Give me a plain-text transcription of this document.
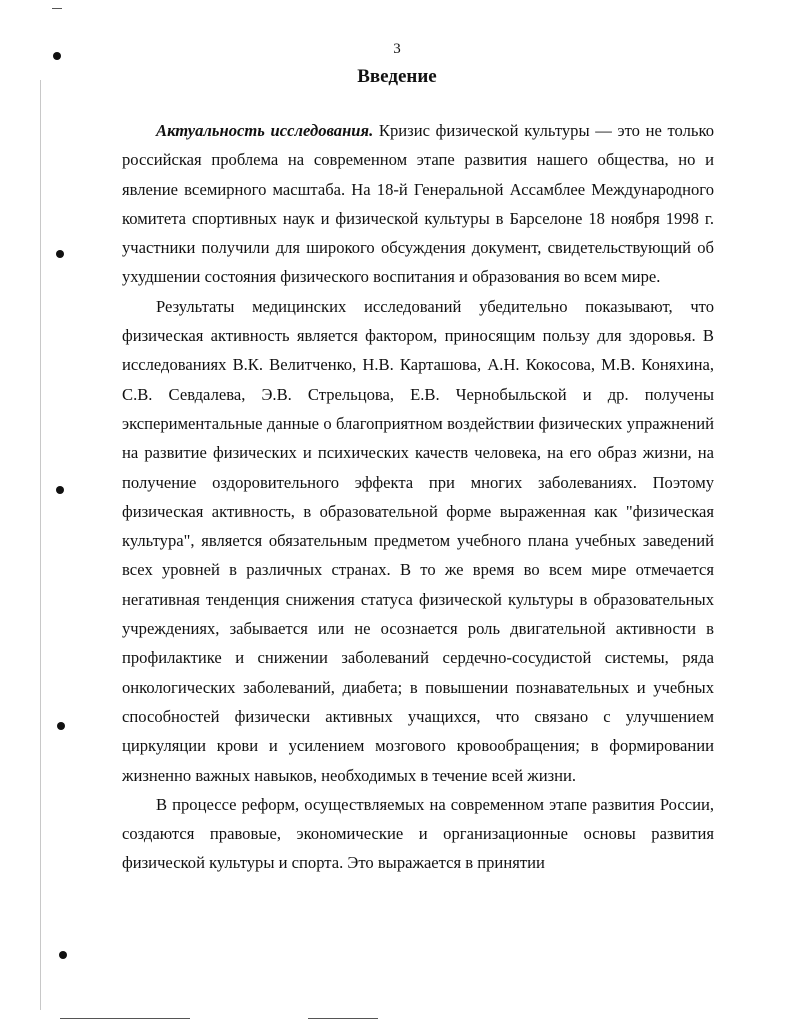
3
Введение

Актуальность исследования. Кризис физической культуры — это не только российская проблема на современном этапе развития нашего общества, но и явление всемирного масштаба. На 18-й Генеральной Ассамблее Международного комитета спортивных наук и физической культуры в Барселоне 18 ноября 1998 г. участники получили для широкого обсуждения документ, свидетельствующий об ухудшении состояния физического воспитания и образования во всем мире.

Результаты медицинских исследований убедительно показывают, что физическая активность является фактором, приносящим пользу для здоровья. В исследованиях В.К. Велитченко, Н.В. Карташова, А.Н. Кокосова, М.В. Коняхина, С.В. Севдалева, Э.В. Стрельцова, Е.В. Чернобыльской и др. получены экспериментальные данные о благоприятном воздействии физических упражнений на развитие физических и психических качеств человека, на его образ жизни, на получение оздоровительного эффекта при многих заболеваниях. Поэтому физическая активность, в образовательной форме выраженная как "физическая культура", является обязательным предметом учебного плана учебных заведений всех уровней в различных странах. В то же время во всем мире отмечается негативная тенденция снижения статуса физической культуры в образовательных учреждениях, забывается или не осознается роль двигательной активности в профилактике и снижении заболеваний сердечно-сосудистой системы, ряда онкологических заболеваний, диабета; в повышении познавательных и учебных способностей физически активных учащихся, что связано с улучшением циркуляции крови и усилением мозгового кровообращения; в формировании жизненно важных навыков, необходимых в течение всей жизни.

В процессе реформ, осуществляемых на современном этапе развития России, создаются правовые, экономические и организационные основы развития физической культуры и спорта. Это выражается в принятии
